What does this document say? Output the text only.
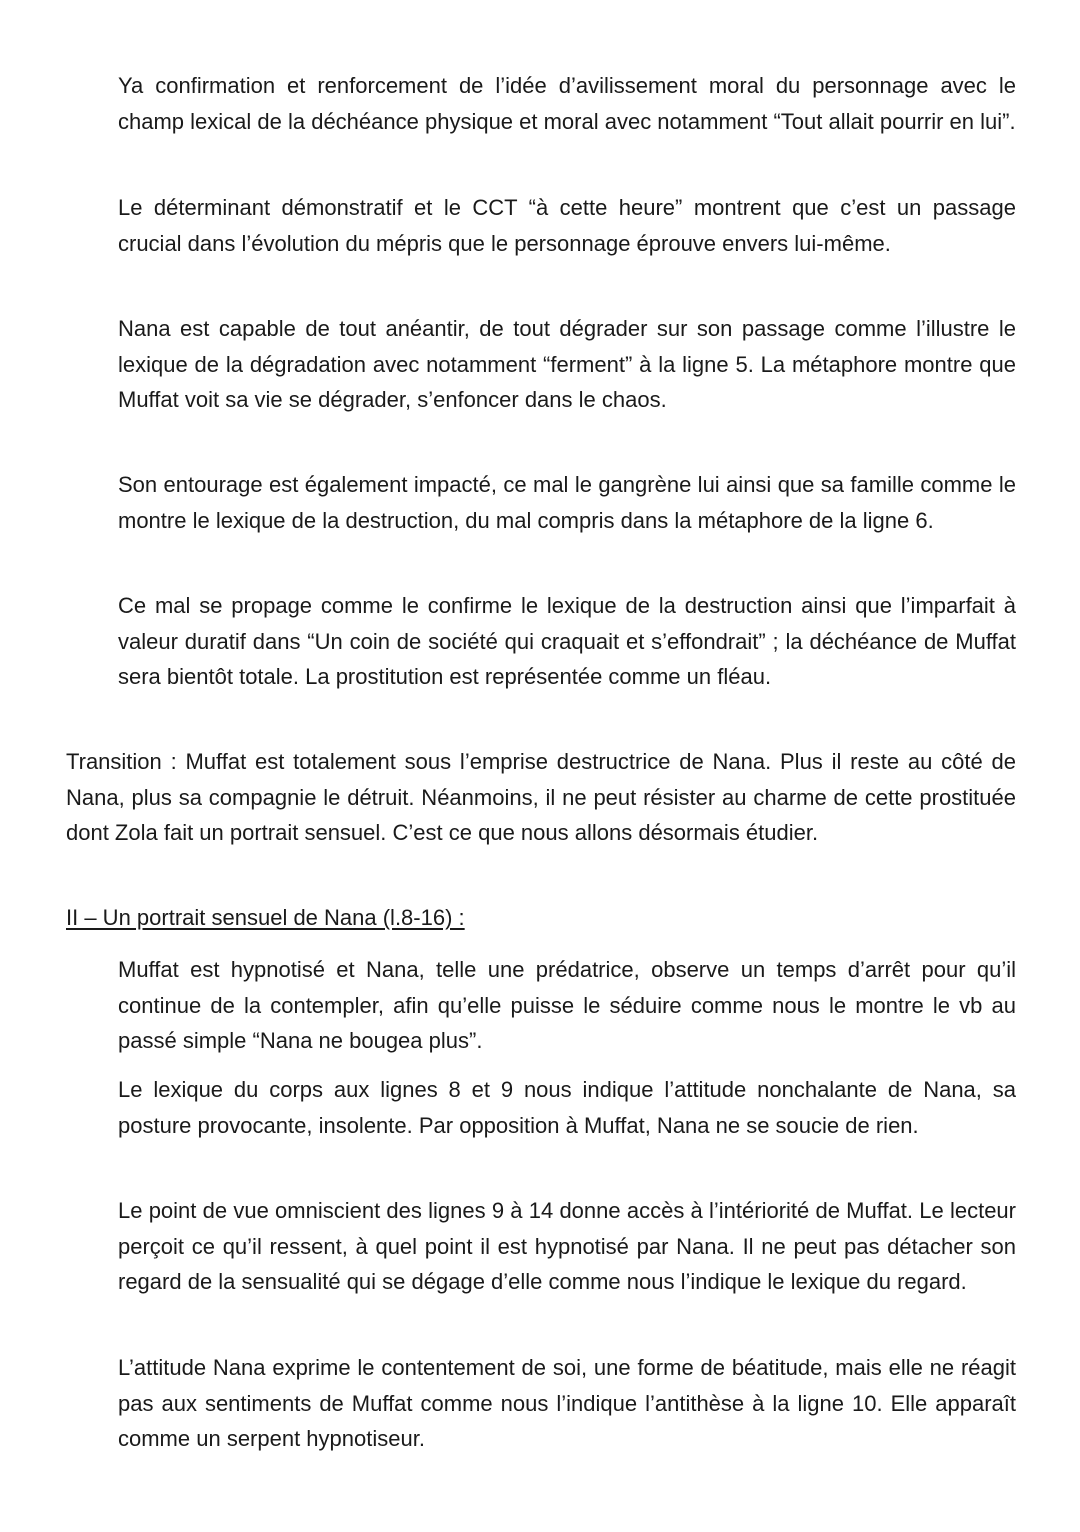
Ya confirmation et renforcement de l’idée d’avilissement moral du personnage avec le champ lexical de la déchéance physique et moral avec notamment “Tout allait pourrir en lui”.

Le déterminant démonstratif et le CCT “à cette heure” montrent que c’est un passage crucial dans l’évolution du mépris que le personnage éprouve envers lui-même.

Nana est capable de tout anéantir, de tout dégrader sur son passage comme l’illustre le lexique de la dégradation avec notamment “ferment” à la ligne 5. La métaphore montre que Muffat voit sa vie se dégrader, s’enfoncer dans le chaos.

Son entourage est également impacté, ce mal le gangrène lui ainsi que sa famille comme le montre le lexique de la destruction, du mal compris dans la métaphore de la ligne 6.

Ce mal se propage comme le confirme le lexique de la destruction ainsi que l’imparfait à valeur duratif dans “Un coin de société qui craquait et s’effondrait” ; la déchéance de Muffat sera bientôt totale. La prostitution est représentée comme un fléau.

Transition : Muffat est totalement sous l’emprise destructrice de Nana. Plus il reste au côté de Nana, plus sa compagnie le détruit. Néanmoins, il ne peut résister au charme de cette prostituée dont Zola fait un portrait sensuel. C’est ce que nous allons désormais étudier.

II – Un portrait sensuel de Nana (l.8-16) :

Muffat est hypnotisé et Nana, telle une prédatrice, observe un temps d’arrêt pour qu’il continue de la contempler, afin qu’elle puisse le séduire comme nous le montre le vb au passé simple “Nana ne bougea plus”.

Le lexique du corps aux lignes 8 et 9 nous indique l’attitude nonchalante de Nana, sa posture provocante, insolente. Par opposition à Muffat, Nana ne se soucie de rien.

Le point de vue omniscient des lignes 9 à 14 donne accès à l’intériorité de Muffat. Le lecteur perçoit ce qu’il ressent, à quel point il est hypnotisé par Nana. Il ne peut pas détacher son regard de la sensualité qui se dégage d’elle comme nous l’indique le lexique du regard.

L’attitude Nana exprime le contentement de soi, une forme de béatitude, mais elle ne réagit pas aux sentiments de Muffat comme nous l’indique l’antithèse à la ligne 10. Elle apparaît comme un serpent hypnotiseur.
